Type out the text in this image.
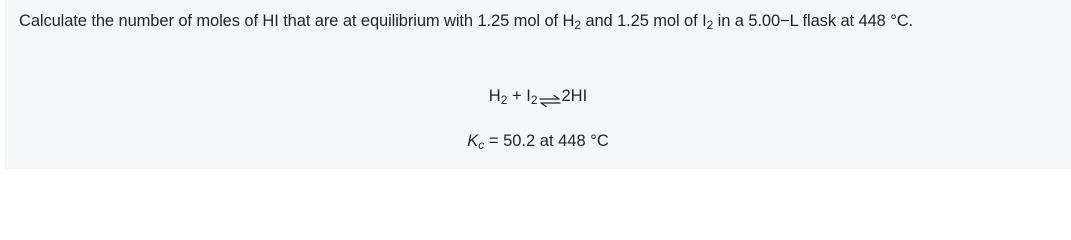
Calculate the number of moles of HI that are at equilibrium with 1.25 mol of $H_2$ and 1.25 mol of $I_2$ in a 5.00−L flask at 448 °C.
$H_2$ + $I_2\rightleftharpoons 2HI$
$K_c = 50.2$ at 448 °C
